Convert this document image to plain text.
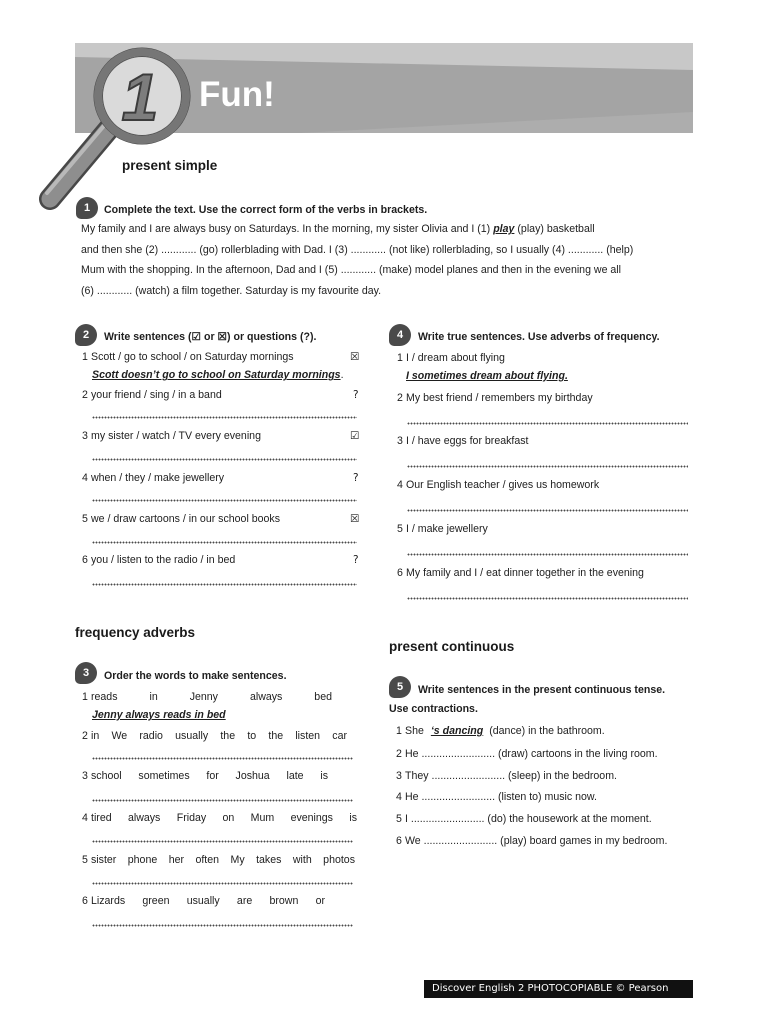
1 Fun!
present simple
1	Complete the text. Use the correct form of the verbs in brackets.
My family and I are always busy on Saturdays. In the morning, my sister Olivia and I (1) play (play) basketball
and then she (2) ............ (go) rollerblading with Dad. I (3) ............ (not like) rollerblading, so I usually (4) ............ (help)
Mum with the shopping. In the afternoon, Dad and I (5) ............ (make) model planes and then in the evening we all
(6) ............ (watch) a film together. Saturday is my favourite day.
2	Write sentences (☑ or ☒) or questions (?).
1 Scott / go to school / on Saturday mornings	☒
Scott doesn’t go to school on Saturday mornings.
2 your friend / sing / in a band	?
3 my sister / watch / TV every evening	☑
4 when / they / make jewellery	?
5 we / draw cartoons / in our school books	☒
6 you / listen to the radio / in bed	?
4	Write true sentences. Use adverbs of frequency.
1 I / dream about flying
I sometimes dream about flying.
2 My best friend / remembers my birthday
3 I / have eggs for breakfast
4 Our English teacher / gives us homework
5 I / make jewellery
6 My family and I / eat dinner together in the evening
frequency adverbs
3	Order the words to make sentences.
1 reads in Jenny always bed
Jenny always reads in bed
2 in We radio usually the to the listen car
3 school sometimes for Joshua late is
4 tired always Friday on Mum evenings is
5 sister phone her often My takes with photos
6 Lizards green usually are brown or
present continuous
5	Write sentences in the present continuous tense.
Use contractions.
1 She ‘s dancing (dance) in the bathroom.
2 He ......................... (draw) cartoons in the living room.
3 They ......................... (sleep) in the bedroom.
4 He ......................... (listen to) music now.
5 I ......................... (do) the housework at the moment.
6 We ......................... (play) board games in my bedroom.
Discover English 2 PHOTOCOPIABLE © Pearson
